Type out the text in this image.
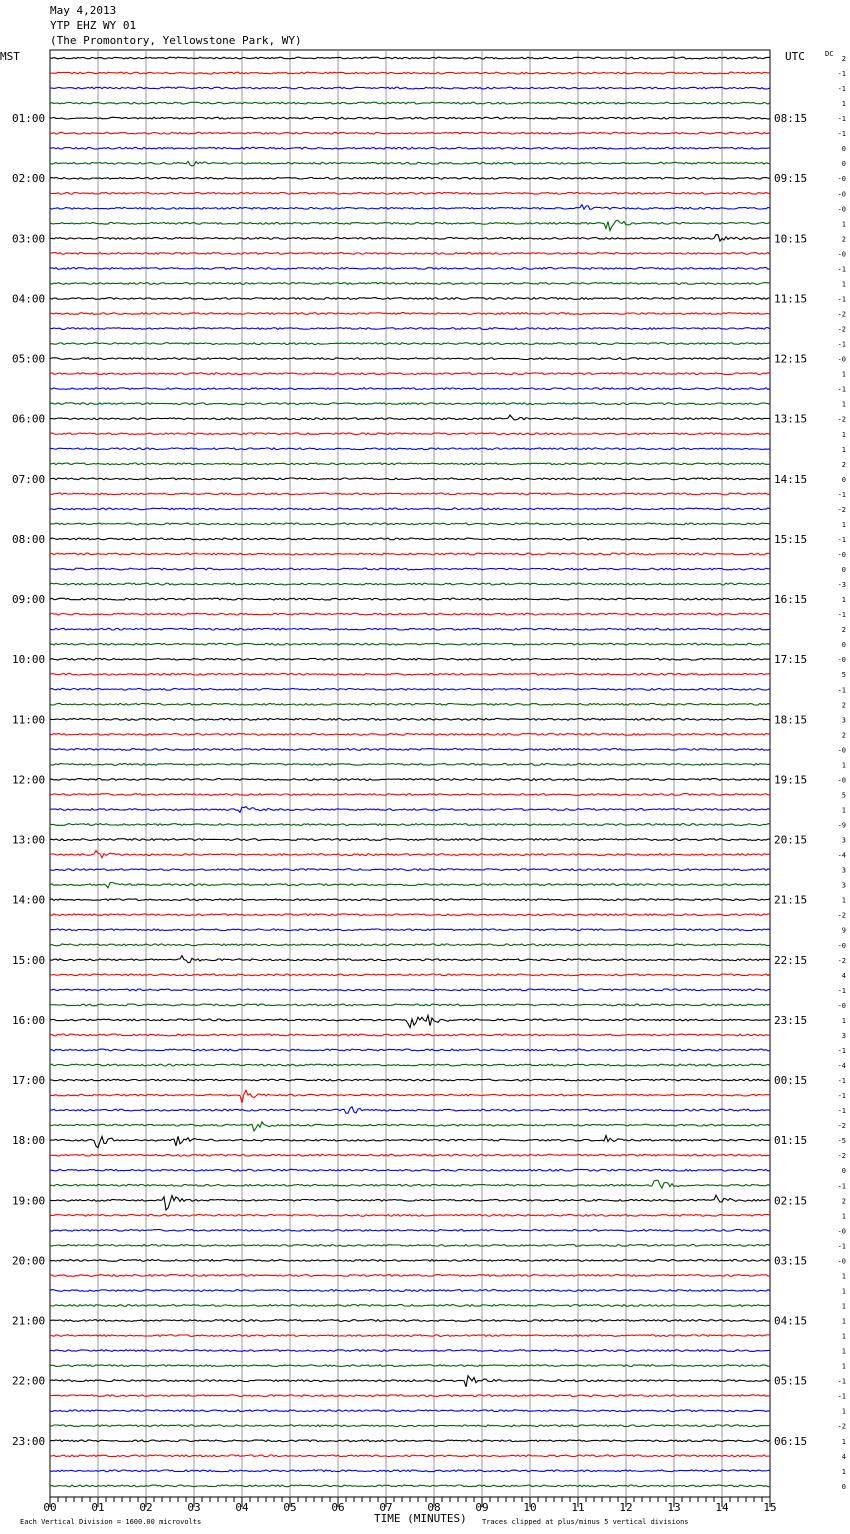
May 4,2013
YTP EHZ WY 01
(The Promontory, Yellowstone Park, WY)
01:00
02:00
03:00
04:00
05:00
06:00
07:00
08:00
09:00
10:00
11:00
12:00
13:00
14:00
15:00
16:00
17:00
18:00
19:00
20:00
21:00
22:00
23:00
08:15
09:15
10:15
11:15
12:15
13:15
14:15
15:15
16:15
17:15
18:15
19:15
20:15
21:15
22:15
23:15
00:15
01:15
02:15
03:15
04:15
05:15
06:15
2
-1
-1
1
-1
-1
0
0
-0
-0
-0
1
2
-0
-1
1
-1
-2
-2
-1
-0
1
-1
1
-2
1
1
2
0
-1
-2
1
-1
-0
0
-3
1
-1
2
0
-0
5
-1
2
3
2
-0
1
-0
5
1
-9
3
-4
3
3
1
-2
9
-0
-2
4
-1
-0
1
3
-1
-4
-1
-1
-1
-2
-5
-2
0
-1
2
1
-0
-1
-0
1
1
1
1
1
1
1
-1
-1
1
-2
1
4
1
0
00	01	02	03	04	05	06	07	08	09	10	11	12	13	14	15
MST	UTC	DC
TIME (MINUTES)
Each Vertical Division = 1600.00 microvolts	Traces clipped at plus/minus 5 vertical divisions
